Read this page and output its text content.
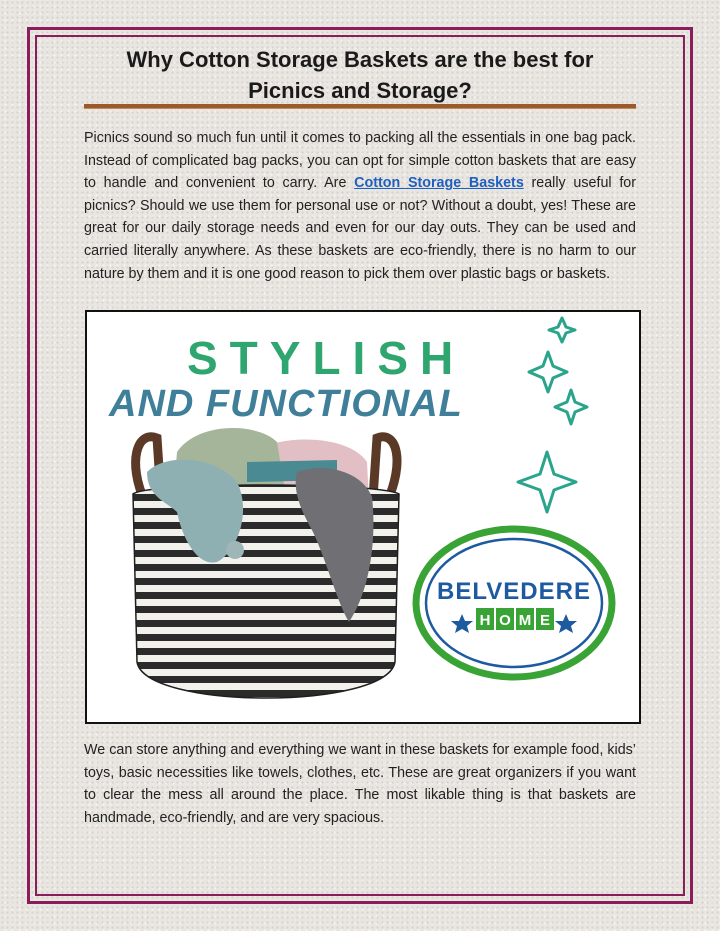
Why Cotton Storage Baskets are the best for
Picnics and Storage?

Picnics sound so much fun until it comes to packing all the essentials in one bag pack. Instead of complicated bag packs, you can opt for simple cotton baskets that are easy to handle and convenient to carry. Are Cotton Storage Baskets really useful for picnics? Should we use them for personal use or not? Without a doubt, yes! These are great for our daily storage needs and even for our day outs. They can be used and carried literally anywhere. As these baskets are eco-friendly, there is no harm to our nature by them and it is one good reason to pick them over plastic bags or baskets.

STYLISH
AND FUNCTIONAL
BELVEDERE
H O M E

We can store anything and everything we want in these baskets for example food, kids’ toys, basic necessities like towels, clothes, etc. These are great organizers if you want to clear the mess all around the place. The most likable thing is that baskets are handmade, eco-friendly, and are very spacious.
